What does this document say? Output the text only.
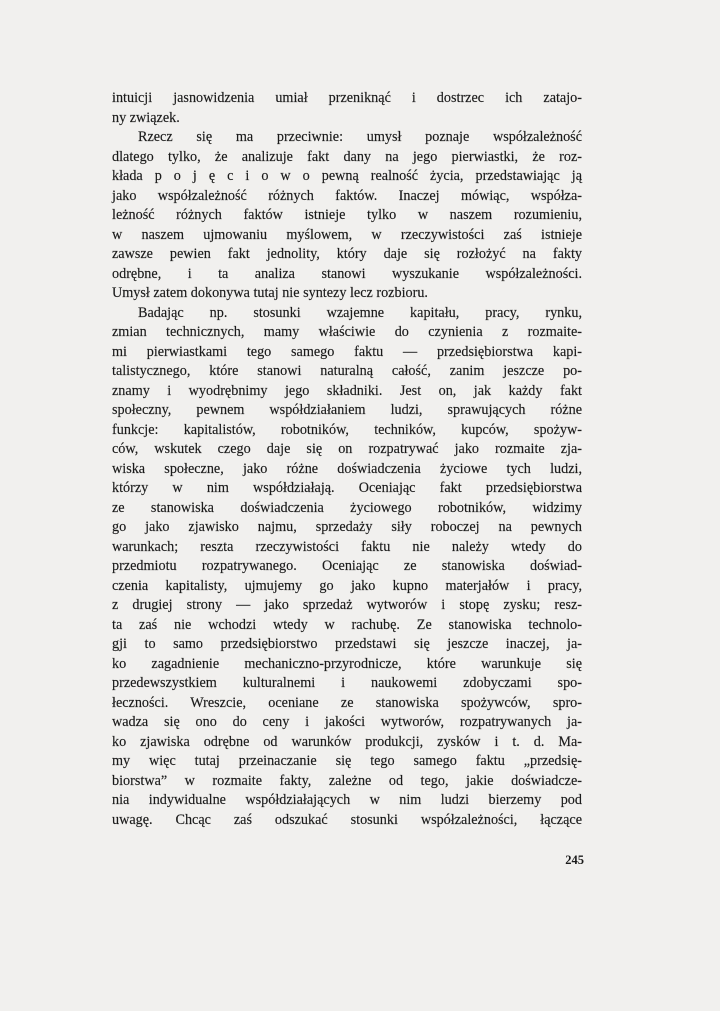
intuicji jasnowidzenia umiał przeniknąć i dostrzec ich zatajo-
ny związek.
Rzecz się ma przeciwnie: umysł poznaje współzależność
dlatego tylko, że analizuje fakt dany na jego pierwiastki, że roz-
kłada p o j ę c i o w o pewną realność życia, przedstawiając ją
jako współzależność różnych faktów. Inaczej mówiąc, współza-
leżność różnych faktów istnieje tylko w naszem rozumieniu,
w naszem ujmowaniu myślowem, w rzeczywistości zaś istnieje
zawsze pewien fakt jednolity, który daje się rozłożyć na fakty
odrębne, i ta analiza stanowi wyszukanie współzależności.
Umysł zatem dokonywa tutaj nie syntezy lecz rozbioru.
Badając np. stosunki wzajemne kapitału, pracy, rynku,
zmian technicznych, mamy właściwie do czynienia z rozmaite-
mi pierwiastkami tego samego faktu — przedsiębiorstwa kapi-
talistycznego, które stanowi naturalną całość, zanim jeszcze po-
znamy i wyodrębnimy jego składniki. Jest on, jak każdy fakt
społeczny, pewnem współdziałaniem ludzi, sprawujących różne
funkcje: kapitalistów, robotników, techników, kupców, spożyw-
ców, wskutek czego daje się on rozpatrywać jako rozmaite zja-
wiska społeczne, jako różne doświadczenia życiowe tych ludzi,
którzy w nim współdziałają. Oceniając fakt przedsiębiorstwa
ze stanowiska doświadczenia życiowego robotników, widzimy
go jako zjawisko najmu, sprzedaży siły roboczej na pewnych
warunkach; reszta rzeczywistości faktu nie należy wtedy do
przedmiotu rozpatrywanego. Oceniając ze stanowiska doświad-
czenia kapitalisty, ujmujemy go jako kupno materjałów i pracy,
z drugiej strony — jako sprzedaż wytworów i stopę zysku; resz-
ta zaś nie wchodzi wtedy w rachubę. Ze stanowiska technolo-
gji to samo przedsiębiorstwo przedstawi się jeszcze inaczej, ja-
ko zagadnienie mechaniczno-przyrodnicze, które warunkuje się
przedewszystkiem kulturalnemi i naukowemi zdobyczami spo-
łeczności. Wreszcie, oceniane ze stanowiska spożywców, spro-
wadza się ono do ceny i jakości wytworów, rozpatrywanych ja-
ko zjawiska odrębne od warunków produkcji, zysków i t. d. Ma-
my więc tutaj przeinaczanie się tego samego faktu „przedsię-
biorstwa” w rozmaite fakty, zależne od tego, jakie doświadcze-
nia indywidualne współdziałających w nim ludzi bierzemy pod
uwagę. Chcąc zaś odszukać stosunki współzależności, łączące
245
